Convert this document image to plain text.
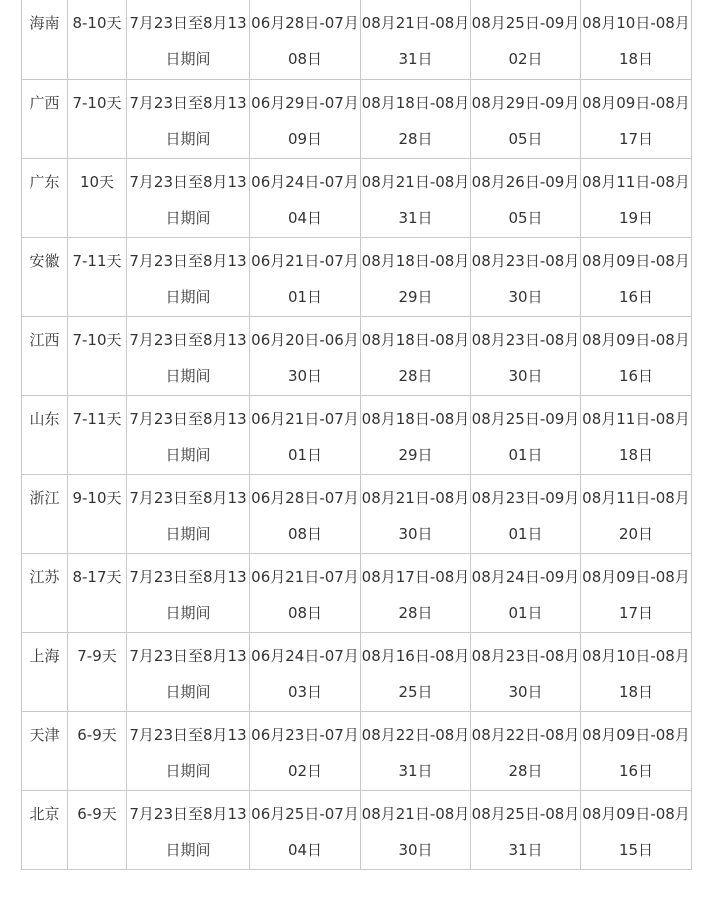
海南	8-10天	7月23日至8月13日期间	06月28日-07月08日	08月21日-08月31日	08月25日-09月02日	08月10日-08月18日

广西	7-10天	7月23日至8月13日期间	06月29日-07月09日	08月18日-08月28日	08月29日-09月05日	08月09日-08月17日

广东	10天	7月23日至8月13日期间	06月24日-07月04日	08月21日-08月31日	08月26日-09月05日	08月11日-08月19日

安徽	7-11天	7月23日至8月13日期间	06月21日-07月01日	08月18日-08月29日	08月23日-08月30日	08月09日-08月16日

江西	7-10天	7月23日至8月13日期间	06月20日-06月30日	08月18日-08月28日	08月23日-08月30日	08月09日-08月16日

山东	7-11天	7月23日至8月13日期间	06月21日-07月01日	08月18日-08月29日	08月25日-09月01日	08月11日-08月18日

浙江	9-10天	7月23日至8月13日期间	06月28日-07月08日	08月21日-08月30日	08月23日-09月01日	08月11日-08月20日

江苏	8-17天	7月23日至8月13日期间	06月21日-07月08日	08月17日-08月28日	08月24日-09月01日	08月09日-08月17日

上海	7-9天	7月23日至8月13日期间	06月24日-07月03日	08月16日-08月25日	08月23日-08月30日	08月10日-08月18日

天津	6-9天	7月23日至8月13日期间	06月23日-07月02日	08月22日-08月31日	08月22日-08月28日	08月09日-08月16日

北京	6-9天	7月23日至8月13日期间	06月25日-07月04日	08月21日-08月30日	08月25日-08月31日	08月09日-08月15日
